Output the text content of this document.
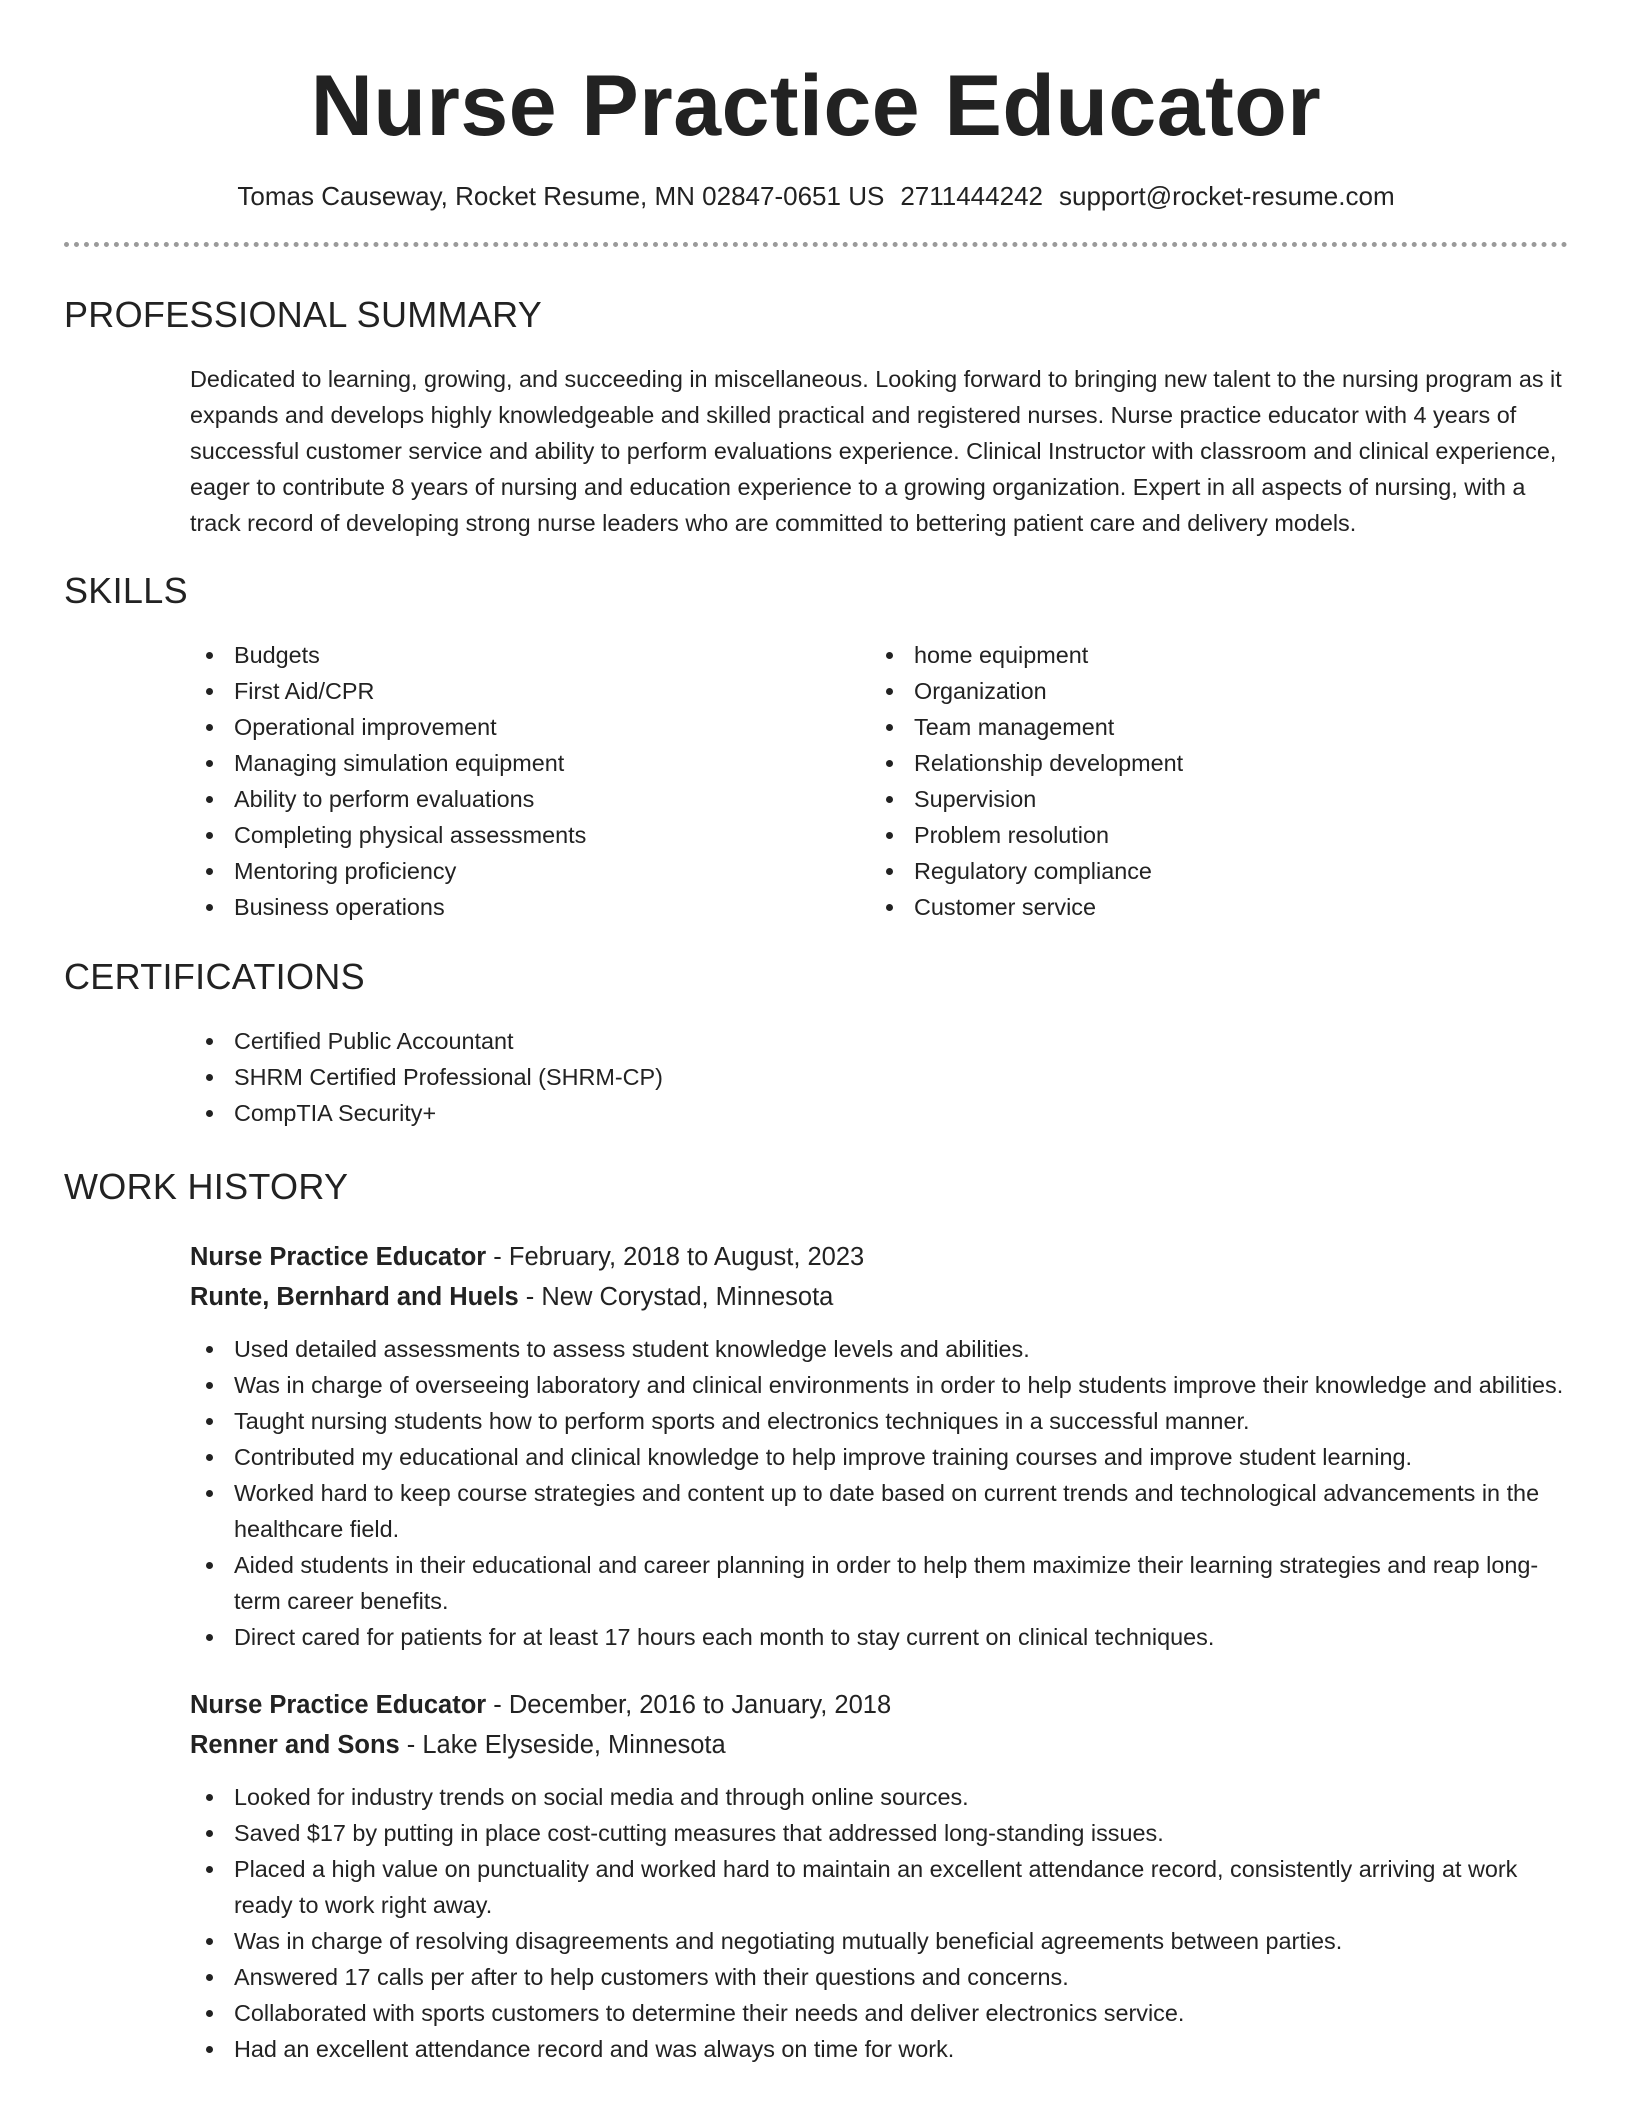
Nurse Practice Educator
Tomas Causeway, Rocket Resume, MN 02847-0651 US 2711444242 support@rocket-resume.com
PROFESSIONAL SUMMARY
Dedicated to learning, growing, and succeeding in miscellaneous. Looking forward to bringing new talent to the nursing program as it expands and develops highly knowledgeable and skilled practical and registered nurses. Nurse practice educator with 4 years of successful customer service and ability to perform evaluations experience. Clinical Instructor with classroom and clinical experience, eager to contribute 8 years of nursing and education experience to a growing organization. Expert in all aspects of nursing, with a track record of developing strong nurse leaders who are committed to bettering patient care and delivery models.
SKILLS
Budgets
First Aid/CPR
Operational improvement
Managing simulation equipment
Ability to perform evaluations
Completing physical assessments
Mentoring proficiency
Business operations
home equipment
Organization
Team management
Relationship development
Supervision
Problem resolution
Regulatory compliance
Customer service
CERTIFICATIONS
Certified Public Accountant
SHRM Certified Professional (SHRM-CP)
CompTIA Security+
WORK HISTORY
Nurse Practice Educator - February, 2018 to August, 2023
Runte, Bernhard and Huels - New Corystad, Minnesota
Used detailed assessments to assess student knowledge levels and abilities.
Was in charge of overseeing laboratory and clinical environments in order to help students improve their knowledge and abilities.
Taught nursing students how to perform sports and electronics techniques in a successful manner.
Contributed my educational and clinical knowledge to help improve training courses and improve student learning.
Worked hard to keep course strategies and content up to date based on current trends and technological advancements in the healthcare field.
Aided students in their educational and career planning in order to help them maximize their learning strategies and reap long-term career benefits.
Direct cared for patients for at least 17 hours each month to stay current on clinical techniques.
Nurse Practice Educator - December, 2016 to January, 2018
Renner and Sons - Lake Elyseside, Minnesota
Looked for industry trends on social media and through online sources.
Saved $17 by putting in place cost-cutting measures that addressed long-standing issues.
Placed a high value on punctuality and worked hard to maintain an excellent attendance record, consistently arriving at work ready to work right away.
Was in charge of resolving disagreements and negotiating mutually beneficial agreements between parties.
Answered 17 calls per after to help customers with their questions and concerns.
Collaborated with sports customers to determine their needs and deliver electronics service.
Had an excellent attendance record and was always on time for work.
